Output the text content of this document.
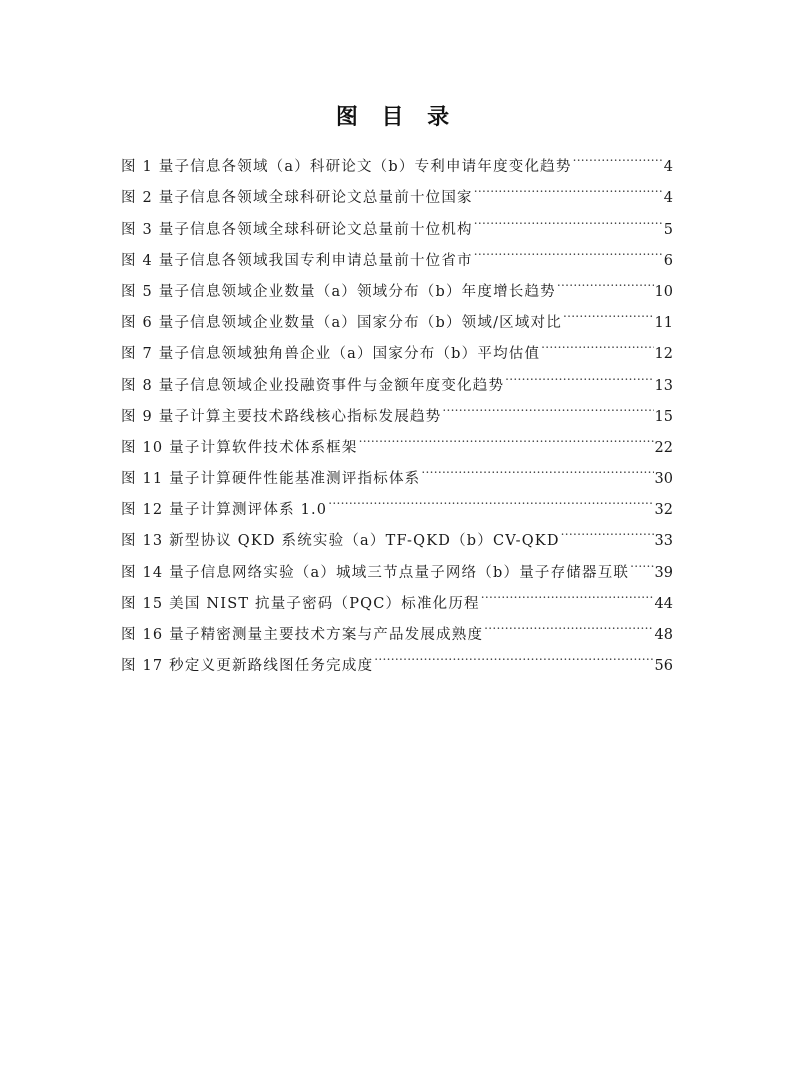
图 目 录
图 1 量子信息各领域（a）科研论文（b）专利申请年度变化趋势 .....	4
图 2 量子信息各领域全球科研论文总量前十位国家 .....	4
图 3 量子信息各领域全球科研论文总量前十位机构 .....	5
图 4 量子信息各领域我国专利申请总量前十位省市 .....	6
图 5 量子信息领域企业数量（a）领域分布（b）年度增长趋势 .....	10
图 6 量子信息领域企业数量（a）国家分布（b）领域/区域对比 .....	11
图 7 量子信息领域独角兽企业（a）国家分布（b）平均估值 .....	12
图 8 量子信息领域企业投融资事件与金额年度变化趋势 .....	13
图 9 量子计算主要技术路线核心指标发展趋势 .....	15
图 10 量子计算软件技术体系框架 .....	22
图 11 量子计算硬件性能基准测评指标体系 .....	30
图 12 量子计算测评体系 1.0 .....	32
图 13 新型协议 QKD 系统实验（a）TF-QKD（b）CV-QKD .....	33
图 14 量子信息网络实验（a）城域三节点量子网络（b）量子存储器互联 ..... 39
图 15 美国 NIST 抗量子密码（PQC）标准化历程 .....	44
图 16 量子精密测量主要技术方案与产品发展成熟度 .....	48
图 17 秒定义更新路线图任务完成度 .....	56
